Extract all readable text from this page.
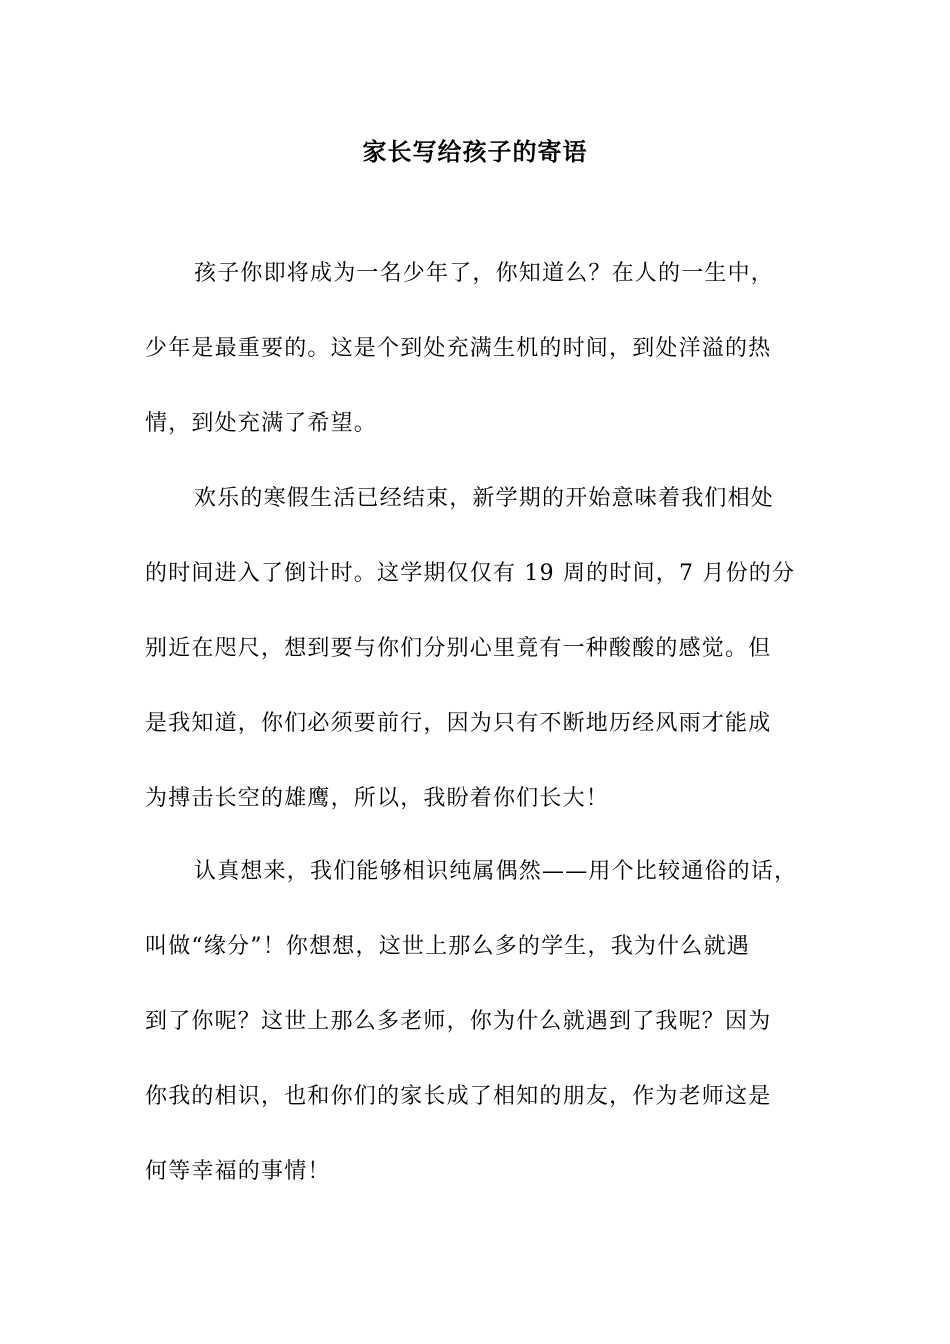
家长写给孩子的寄语
孩子你即将成为一名少年了，你知道么？在人的一生中，
少年是最重要的。这是个到处充满生机的时间，到处洋溢的热
情，到处充满了希望。
欢乐的寒假生活已经结束，新学期的开始意味着我们相处
的时间进入了倒计时。这学期仅仅有 19 周的时间，7 月份的分
别近在咫尺，想到要与你们分别心里竟有一种酸酸的感觉。但
是我知道，你们必须要前行，因为只有不断地历经风雨才能成
为搏击长空的雄鹰，所以，我盼着你们长大！
认真想来，我们能够相识纯属偶然——用个比较通俗的话，
叫做“缘分”！你想想，这世上那么多的学生，我为什么就遇
到了你呢？这世上那么多老师，你为什么就遇到了我呢？因为
你我的相识，也和你们的家长成了相知的朋友，作为老师这是
何等幸福的事情！
